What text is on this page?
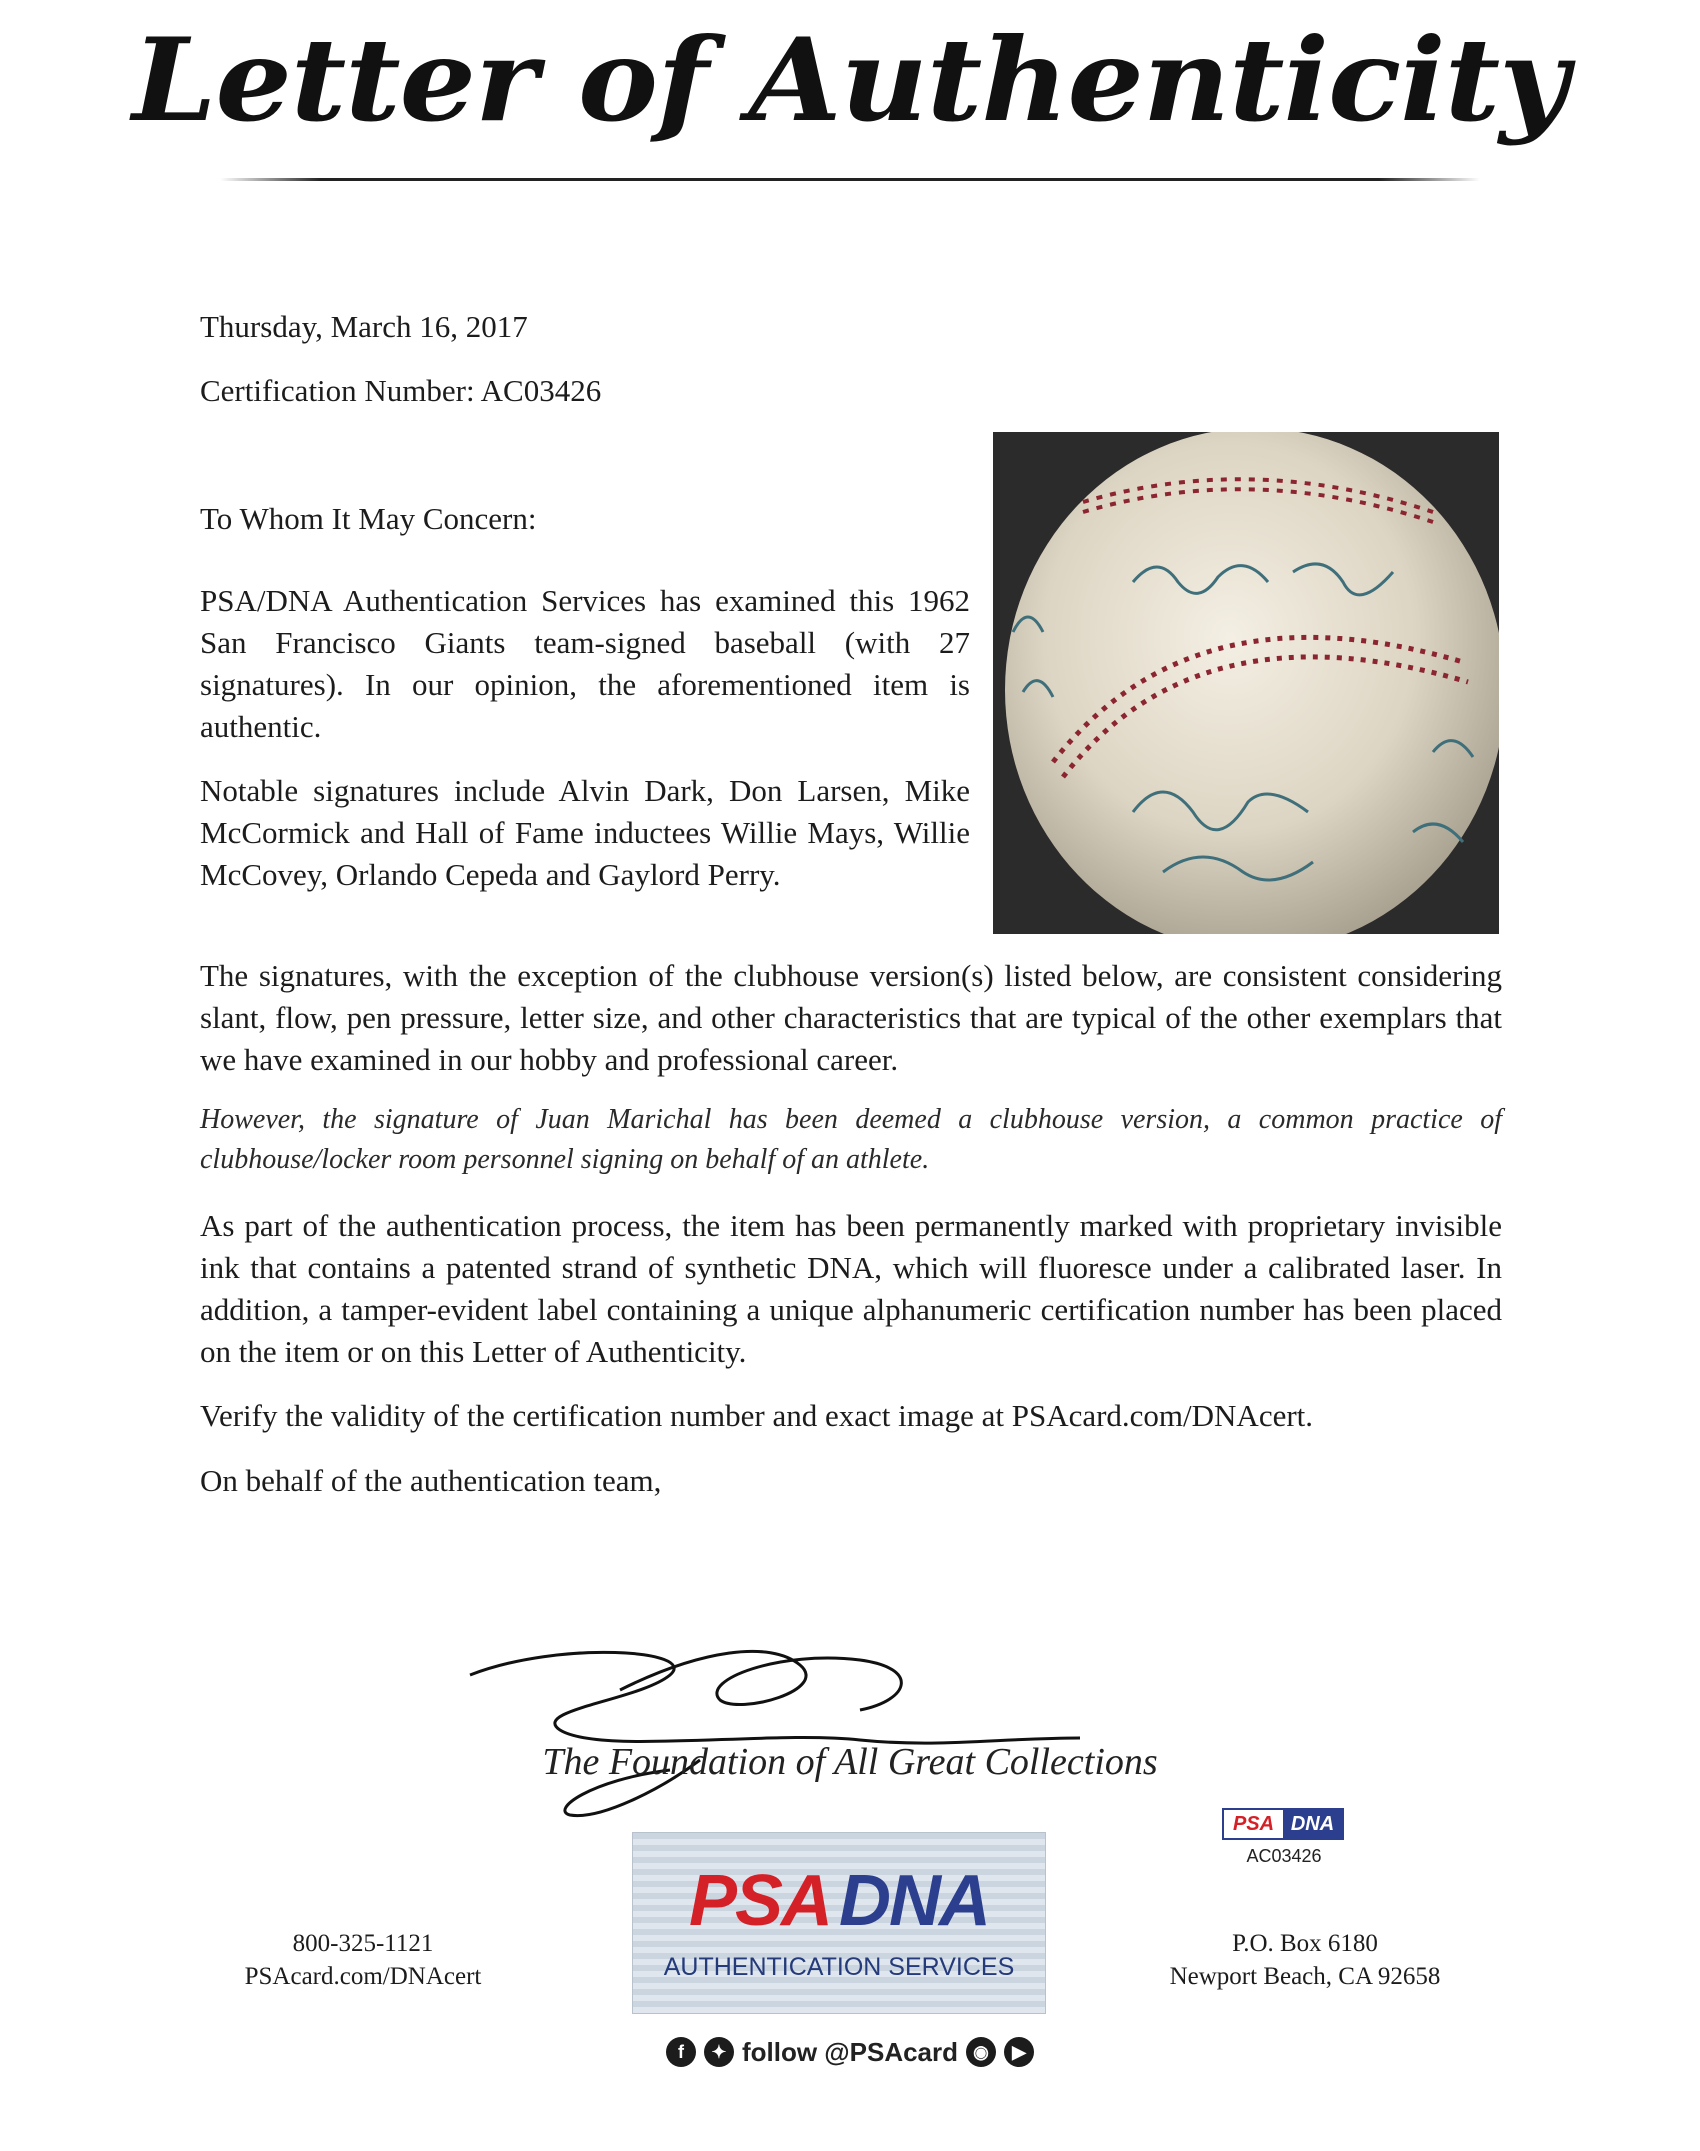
Letter of Authenticity
Thursday, March 16, 2017
Certification Number: AC03426
To Whom It May Concern:

PSA/DNA Authentication Services has examined this 1962 San Francisco Giants team-signed baseball (with 27 signatures). In our opinion, the aforementioned item is authentic.

Notable signatures include Alvin Dark, Don Larsen, Mike McCormick and Hall of Fame inductees Willie Mays, Willie McCovey, Orlando Cepeda and Gaylord Perry.

The signatures, with the exception of the clubhouse version(s) listed below, are consistent considering slant, flow, pen pressure, letter size, and other characteristics that are typical of the other exemplars that we have examined in our hobby and professional career.

However, the signature of Juan Marichal has been deemed a clubhouse version, a common practice of clubhouse/locker room personnel signing on behalf of an athlete.

As part of the authentication process, the item has been permanently marked with proprietary invisible ink that contains a patented strand of synthetic DNA, which will fluoresce under a calibrated laser. In addition, a tamper-evident label containing a unique alphanumeric certification number has been placed on the item or on this Letter of Authenticity.

Verify the validity of the certification number and exact image at PSAcard.com/DNAcert.

On behalf of the authentication team,
The Foundation of All Great Collections
800-325-1121
PSAcard.com/DNAcert
PSA DNA
AUTHENTICATION SERVICES
f	✦ follow @PSAcard ◉	▶
PSA DNA
AC03426
P.O. Box 6180
Newport Beach, CA 92658
